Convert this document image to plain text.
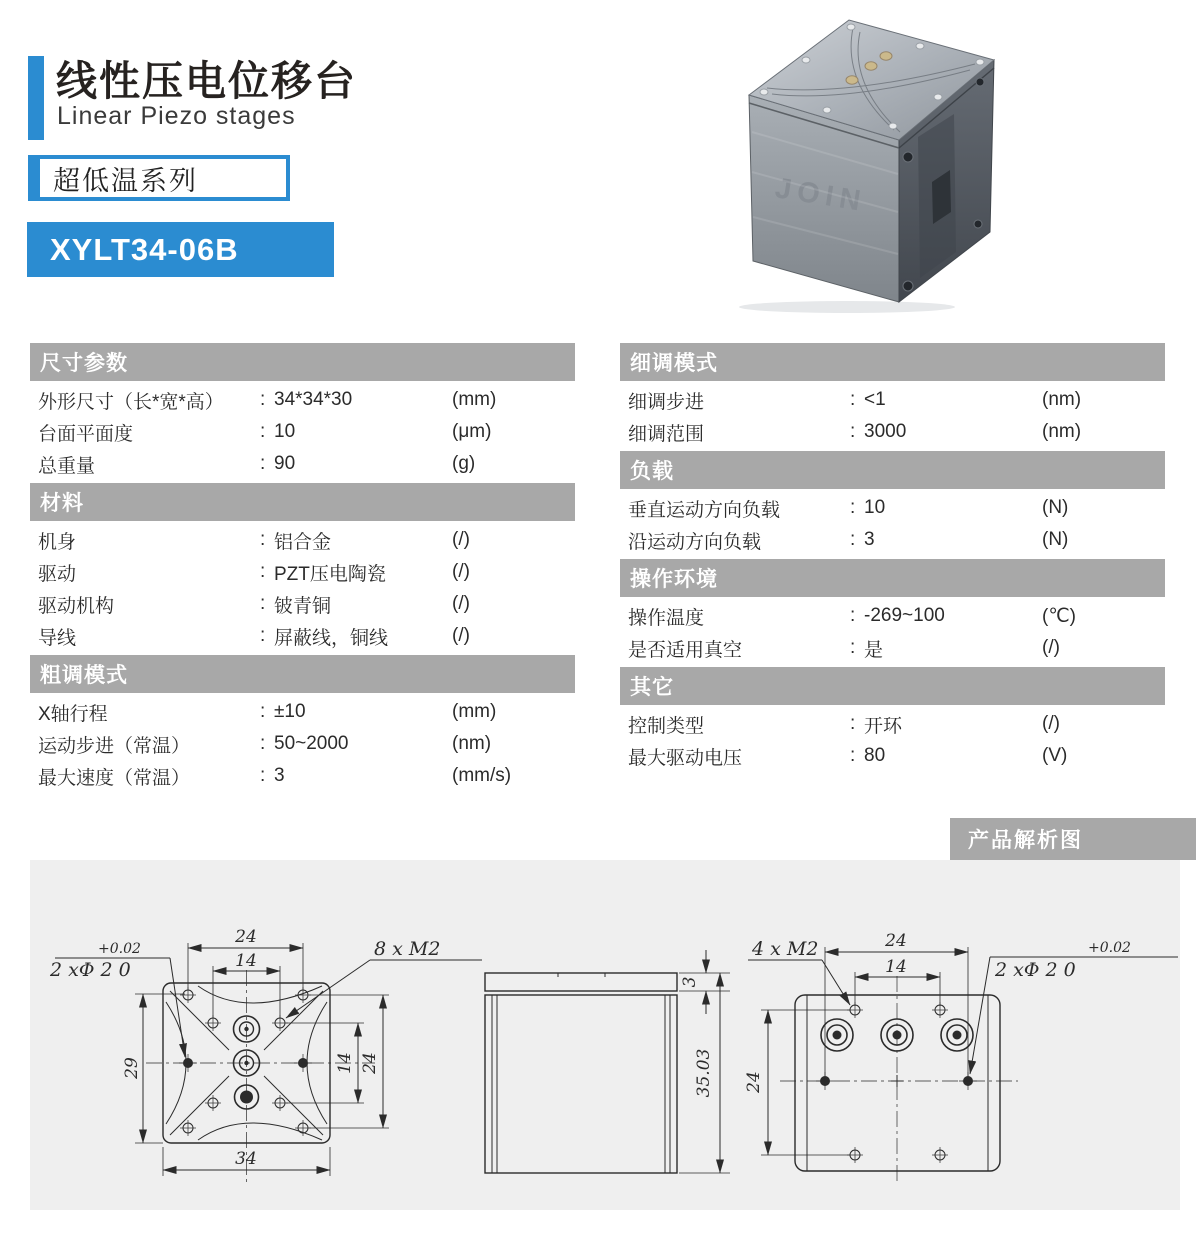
线性压电位移台
Linear Piezo stages
超低温系列
XYLT34-06B
JOIN
尺寸参数
外形尺寸（长*宽*高）	: 34*34*30	(mm)
台面平面度	: 10	(μm)
总重量	: 90	(g)
材料
机身	: 铝合金	(/)
驱动	: PZT压电陶瓷	(/)
驱动机构	: 铍青铜	(/)
导线	: 屏蔽线，铜线	(/)
粗调模式
X轴行程	: ±10	(mm)
运动步进（常温）	: 50~2000	(nm)
最大速度（常温）	: 3	(mm/s)
细调模式
细调步进	: <1	(nm)
细调范围	: 3000	(nm)
负载
垂直运动方向负载	: 10	(N)
沿运动方向负载	: 3	(N)
操作环境
操作温度	: -269~100	(℃)
是否适用真空	: 是	(/)
其它
控制类型	: 开环	(/)
最大驱动电压	: 80	(V)
产品解析图
24
14
29
34
14 24
+0.02
2 xΦ 2 0
8 x M2
3
35.03
24
14
24
4 x M2	+0.02
2 xΦ 2 0
